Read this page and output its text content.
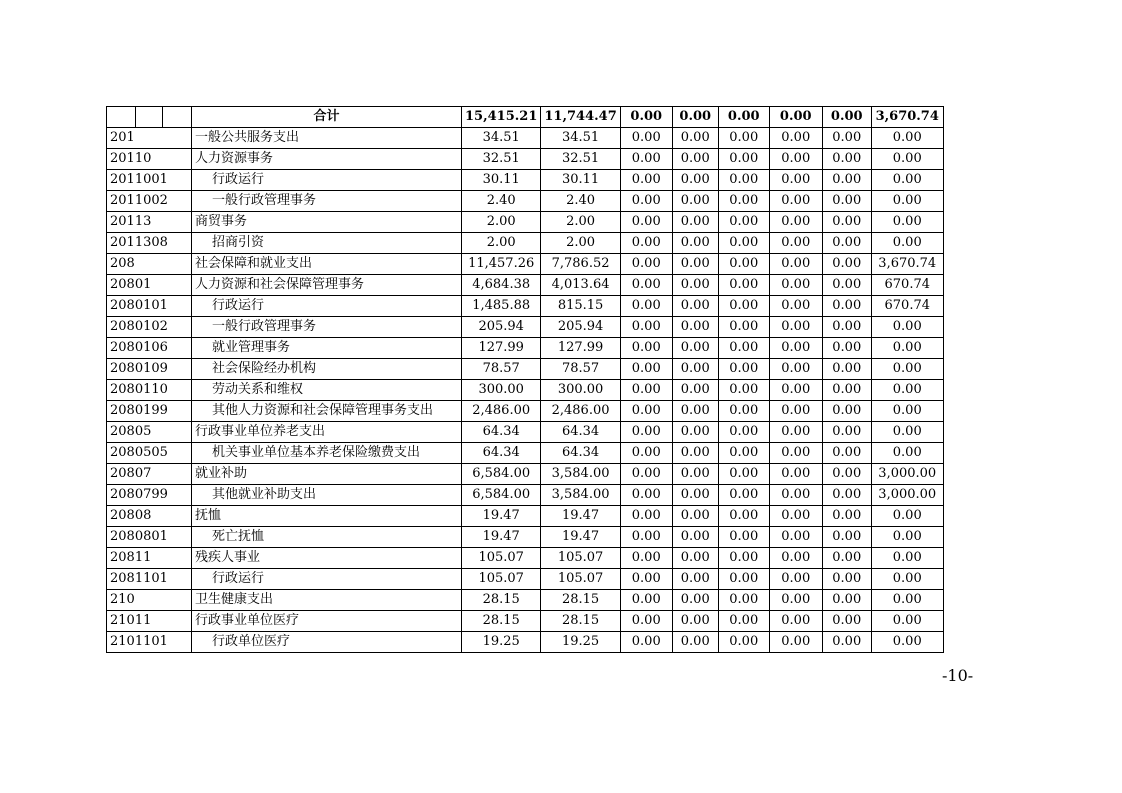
			合计	15,415.21	11,744.47	0.00	0.00	0.00	0.00	0.00	3,670.74
201			一般公共服务支出	34.51	34.51	0.00	0.00	0.00	0.00	0.00	0.00
20110			人力资源事务	32.51	32.51	0.00	0.00	0.00	0.00	0.00	0.00
2011001			行政运行	30.11	30.11	0.00	0.00	0.00	0.00	0.00	0.00
2011002			一般行政管理事务	2.40	2.40	0.00	0.00	0.00	0.00	0.00	0.00
20113			商贸事务	2.00	2.00	0.00	0.00	0.00	0.00	0.00	0.00
2011308			招商引资	2.00	2.00	0.00	0.00	0.00	0.00	0.00	0.00
208			社会保障和就业支出	11,457.26	7,786.52	0.00	0.00	0.00	0.00	0.00	3,670.74
20801			人力资源和社会保障管理事务	4,684.38	4,013.64	0.00	0.00	0.00	0.00	0.00	670.74
2080101			行政运行	1,485.88	815.15	0.00	0.00	0.00	0.00	0.00	670.74
2080102			一般行政管理事务	205.94	205.94	0.00	0.00	0.00	0.00	0.00	0.00
2080106			就业管理事务	127.99	127.99	0.00	0.00	0.00	0.00	0.00	0.00
2080109			社会保险经办机构	78.57	78.57	0.00	0.00	0.00	0.00	0.00	0.00
2080110			劳动关系和维权	300.00	300.00	0.00	0.00	0.00	0.00	0.00	0.00
2080199			其他人力资源和社会保障管理事务支出	2,486.00	2,486.00	0.00	0.00	0.00	0.00	0.00	0.00
20805			行政事业单位养老支出	64.34	64.34	0.00	0.00	0.00	0.00	0.00	0.00
2080505			机关事业单位基本养老保险缴费支出	64.34	64.34	0.00	0.00	0.00	0.00	0.00	0.00
20807			就业补助	6,584.00	3,584.00	0.00	0.00	0.00	0.00	0.00	3,000.00
2080799			其他就业补助支出	6,584.00	3,584.00	0.00	0.00	0.00	0.00	0.00	3,000.00
20808			抚恤	19.47	19.47	0.00	0.00	0.00	0.00	0.00	0.00
2080801			死亡抚恤	19.47	19.47	0.00	0.00	0.00	0.00	0.00	0.00
20811			残疾人事业	105.07	105.07	0.00	0.00	0.00	0.00	0.00	0.00
2081101			行政运行	105.07	105.07	0.00	0.00	0.00	0.00	0.00	0.00
210			卫生健康支出	28.15	28.15	0.00	0.00	0.00	0.00	0.00	0.00
21011			行政事业单位医疗	28.15	28.15	0.00	0.00	0.00	0.00	0.00	0.00
2101101			行政单位医疗	19.25	19.25	0.00	0.00	0.00	0.00	0.00	0.00
-10-
